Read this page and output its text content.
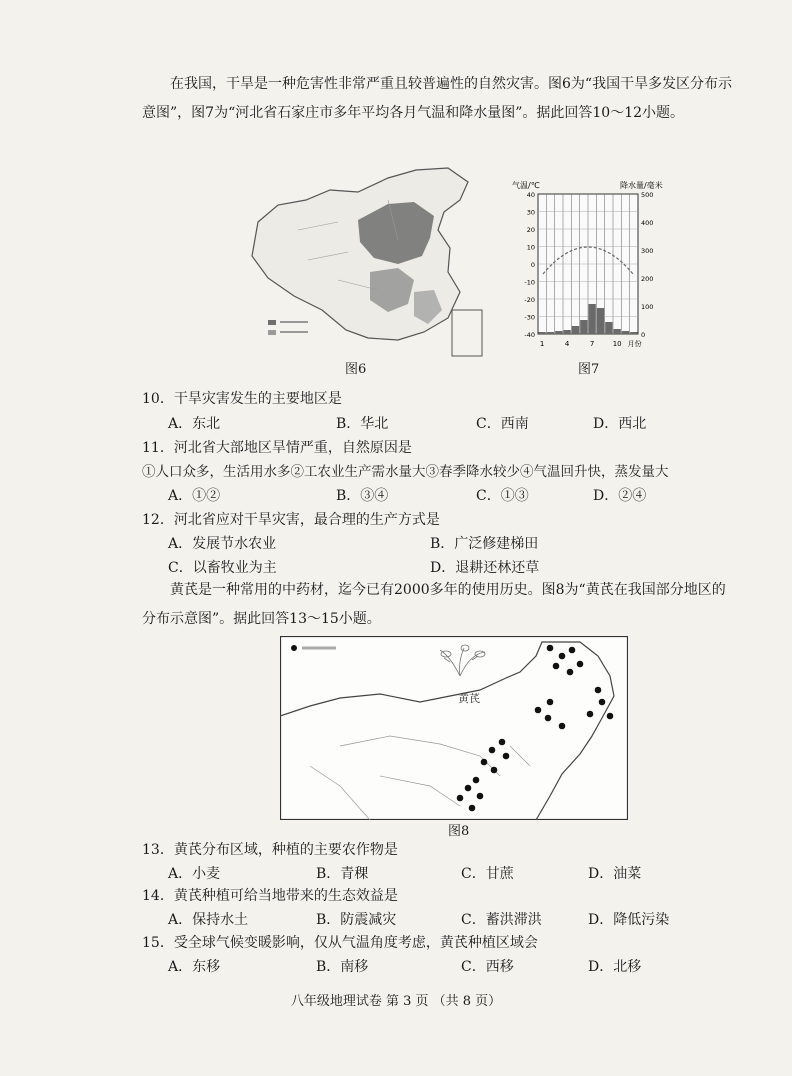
在我国，干旱是一种危害性非常严重且较普遍性的自然灾害。图6为“我国干旱多发区分布示意图”，图7为“河北省石家庄市多年平均各月气温和降水量图”。据此回答10～12小题。

图6
气温/℃	降水量/毫米
40
30
20
10
0
-10
-20
-30
-40
500
400
300
200
100
0
1	4	7	10 月份
图7
10．干旱灾害发生的主要地区是
A．东北	B．华北	C．西南	D．西北
11．河北省大部地区旱情严重，自然原因是
①人口众多，生活用水多②工农业生产需水量大③春季降水较少④气温回升快，蒸发量大
A．①②	B．③④	C．①③	D．②④
12．河北省应对干旱灾害，最合理的生产方式是
A．发展节水农业	B．广泛修建梯田
C．以畜牧业为主	D．退耕还林还草

黄芪是一种常用的中药材，迄今已有2000多年的使用历史。图8为“黄芪在我国部分地区的分布示意图”。据此回答13～15小题。

黄芪
图8
13．黄芪分布区域，种植的主要农作物是
A．小麦	B．青稞	C．甘蔗	D．油菜
14．黄芪种植可给当地带来的生态效益是
A．保持水土	B．防震减灾	C．蓄洪滞洪	D．降低污染
15．受全球气候变暖影响，仅从气温角度考虑，黄芪种植区域会
A．东移	B．南移	C．西移	D．北移
八年级地理试卷 第 3 页 （共 8 页）
